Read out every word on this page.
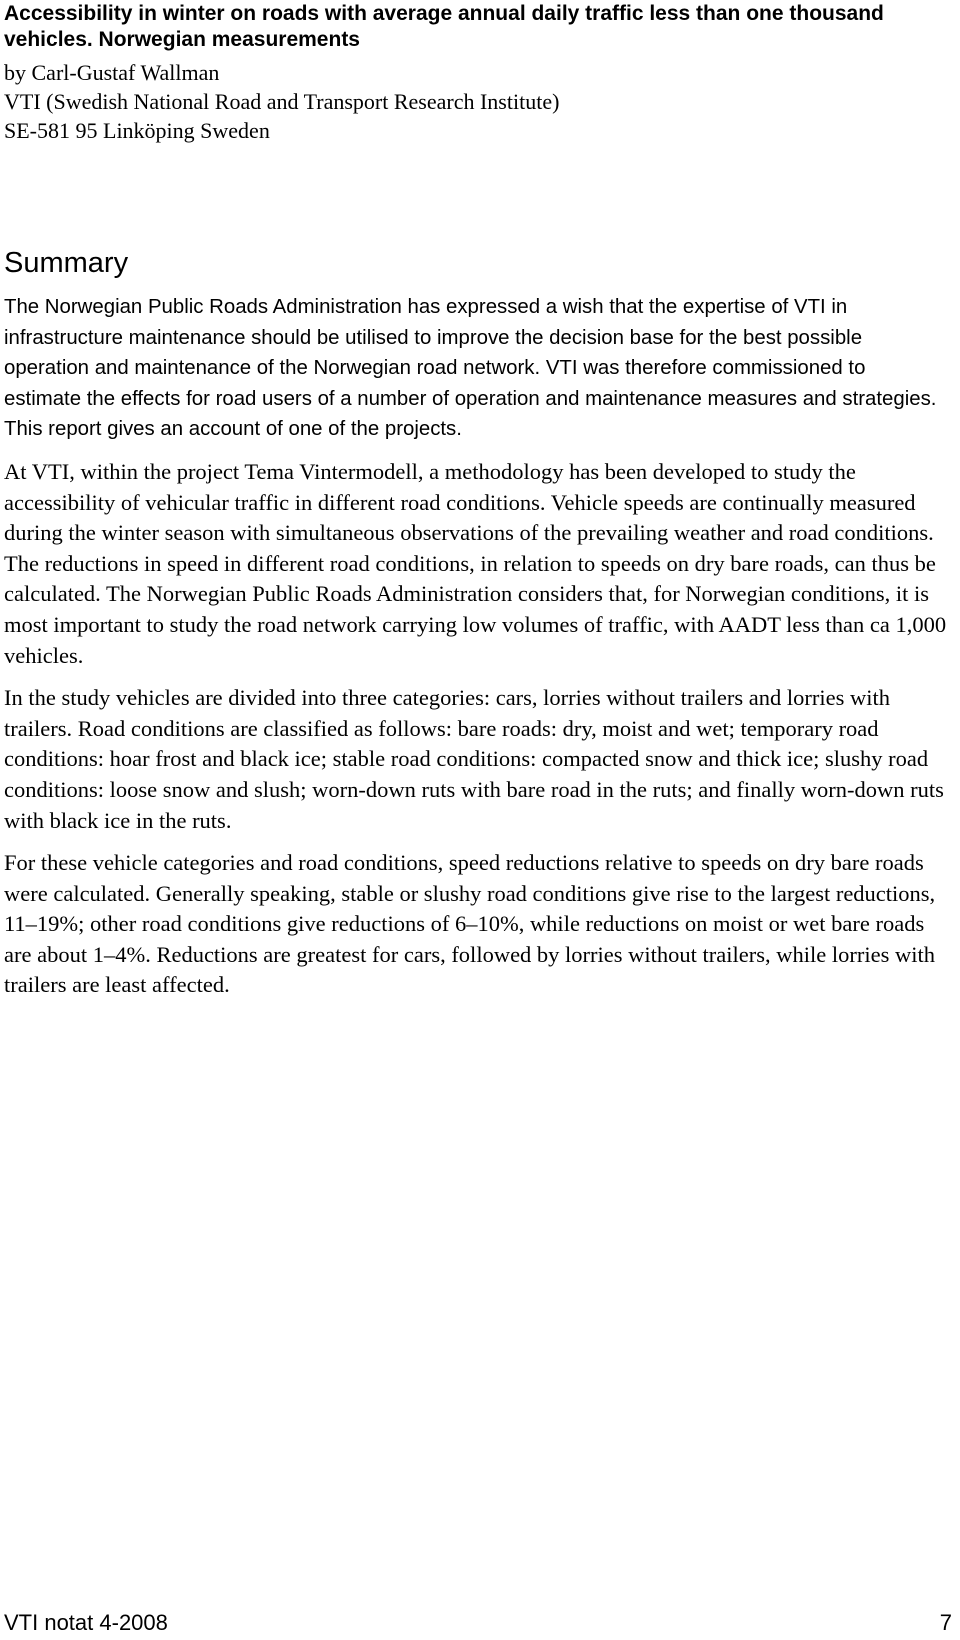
Accessibility in winter on roads with average annual daily traffic less than one thousand vehicles. Norwegian measurements
by Carl-Gustaf Wallman
VTI (Swedish National Road and Transport Research Institute)
SE-581 95 Linköping Sweden
Summary

The Norwegian Public Roads Administration has expressed a wish that the expertise of VTI in infrastructure maintenance should be utilised to improve the decision base for the best possible operation and maintenance of the Norwegian road network. VTI was therefore commissioned to estimate the effects for road users of a number of operation and maintenance measures and strategies. This report gives an account of one of the projects.

At VTI, within the project Tema Vintermodell, a methodology has been developed to study the accessibility of vehicular traffic in different road conditions. Vehicle speeds are continually measured during the winter season with simultaneous observations of the prevailing weather and road conditions. The reductions in speed in different road conditions, in relation to speeds on dry bare roads, can thus be calculated. The Norwegian Public Roads Administration considers that, for Norwegian conditions, it is most important to study the road network carrying low volumes of traffic, with AADT less than ca 1,000 vehicles.

In the study vehicles are divided into three categories: cars, lorries without trailers and lorries with trailers. Road conditions are classified as follows: bare roads: dry, moist and wet; temporary road conditions: hoar frost and black ice; stable road conditions: compacted snow and thick ice; slushy road conditions: loose snow and slush; worn-down ruts with bare road in the ruts; and finally worn-down ruts with black ice in the ruts.

For these vehicle categories and road conditions, speed reductions relative to speeds on dry bare roads were calculated. Generally speaking, stable or slushy road conditions give rise to the largest reductions, 11–19%; other road conditions give reductions of 6–10%, while reductions on moist or wet bare roads are about 1–4%. Reductions are greatest for cars, followed by lorries without trailers, while lorries with trailers are least affected.

VTI notat 4-2008	7
